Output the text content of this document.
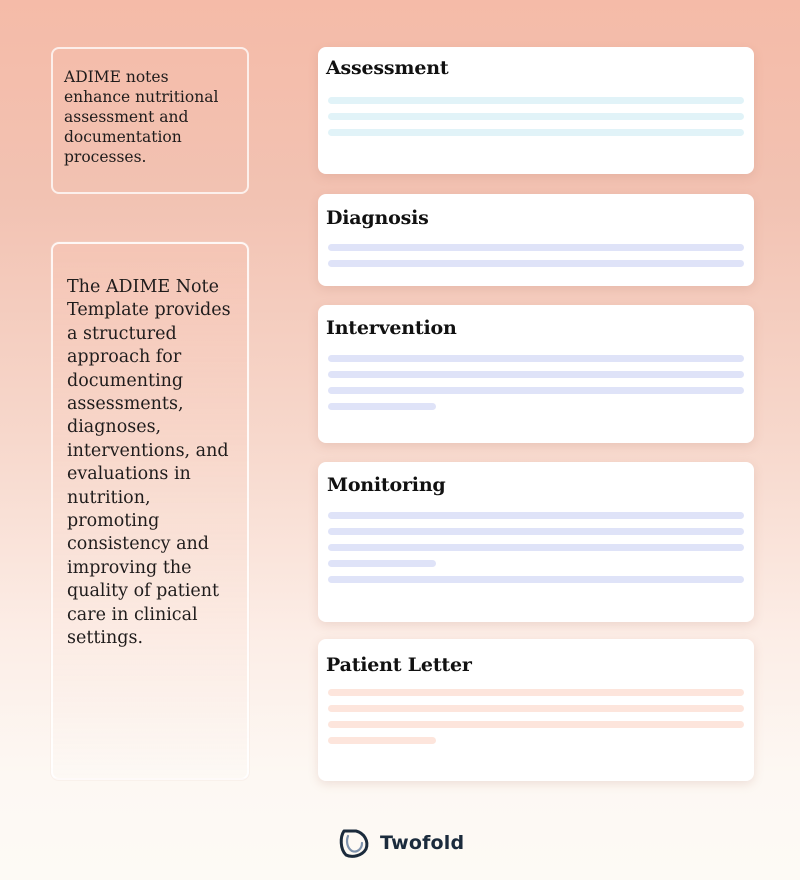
ADIME notes enhance nutritional assessment and documentation processes.
The ADIME Note Template provides a structured approach for documenting assessments, diagnoses, interventions, and evaluations in nutrition, promoting consistency and improving the quality of patient care in clinical settings.
Assessment
Diagnosis
Intervention
Monitoring
Patient Letter
Twofold
